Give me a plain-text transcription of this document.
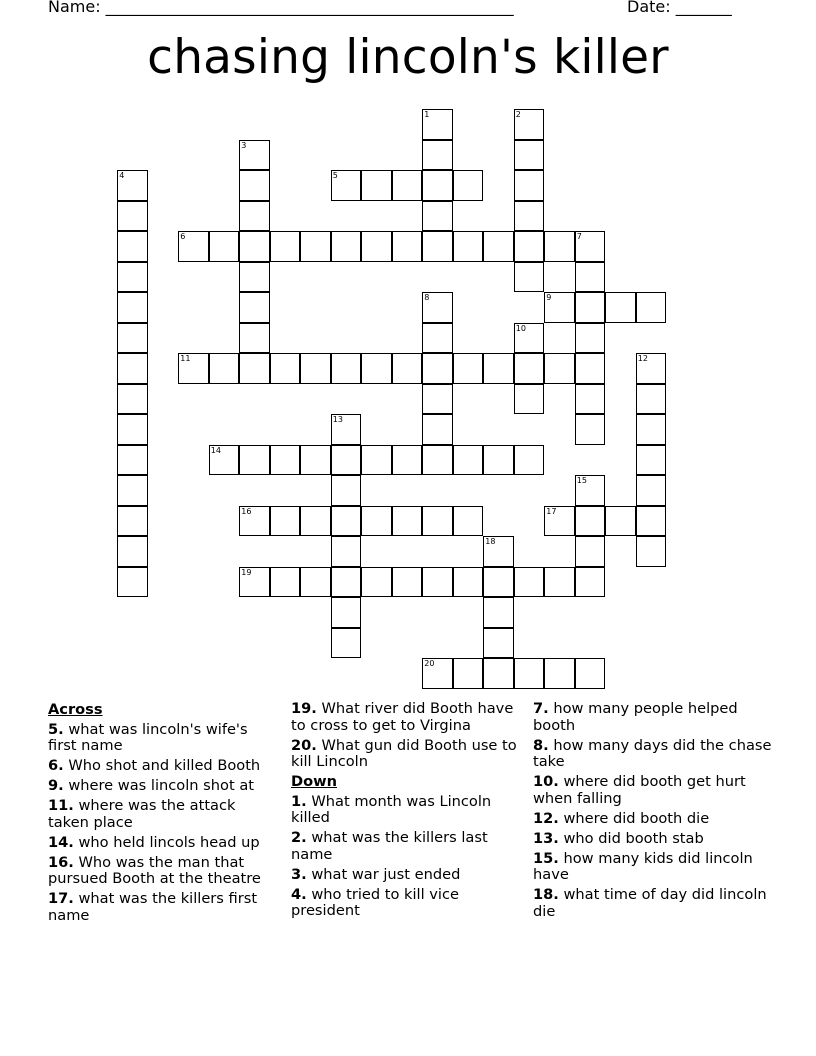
Name: ___________________________________________________	Date: _______
chasing lincoln's killer
1	2
3
4	5
6	7
8	9
10
11	12
13
14
15
16	17
18
19
20
Across
5. what was lincoln's wife's first name
6. Who shot and killed Booth
9. where was lincoln shot at
11. where was the attack taken place
14. who held lincols head up
16. Who was the man that pursued Booth at the theatre
17. what was the killers first name
19. What river did Booth have to cross to get to Virgina
20. What gun did Booth use to kill Lincoln
Down
1. What month was Lincoln killed
2. what was the killers last name
3. what war just ended
4. who tried to kill vice president
7. how many people helped booth
8. how many days did the chase take
10. where did booth get hurt when falling
12. where did booth die
13. who did booth stab
15. how many kids did lincoln have
18. what time of day did lincoln die
